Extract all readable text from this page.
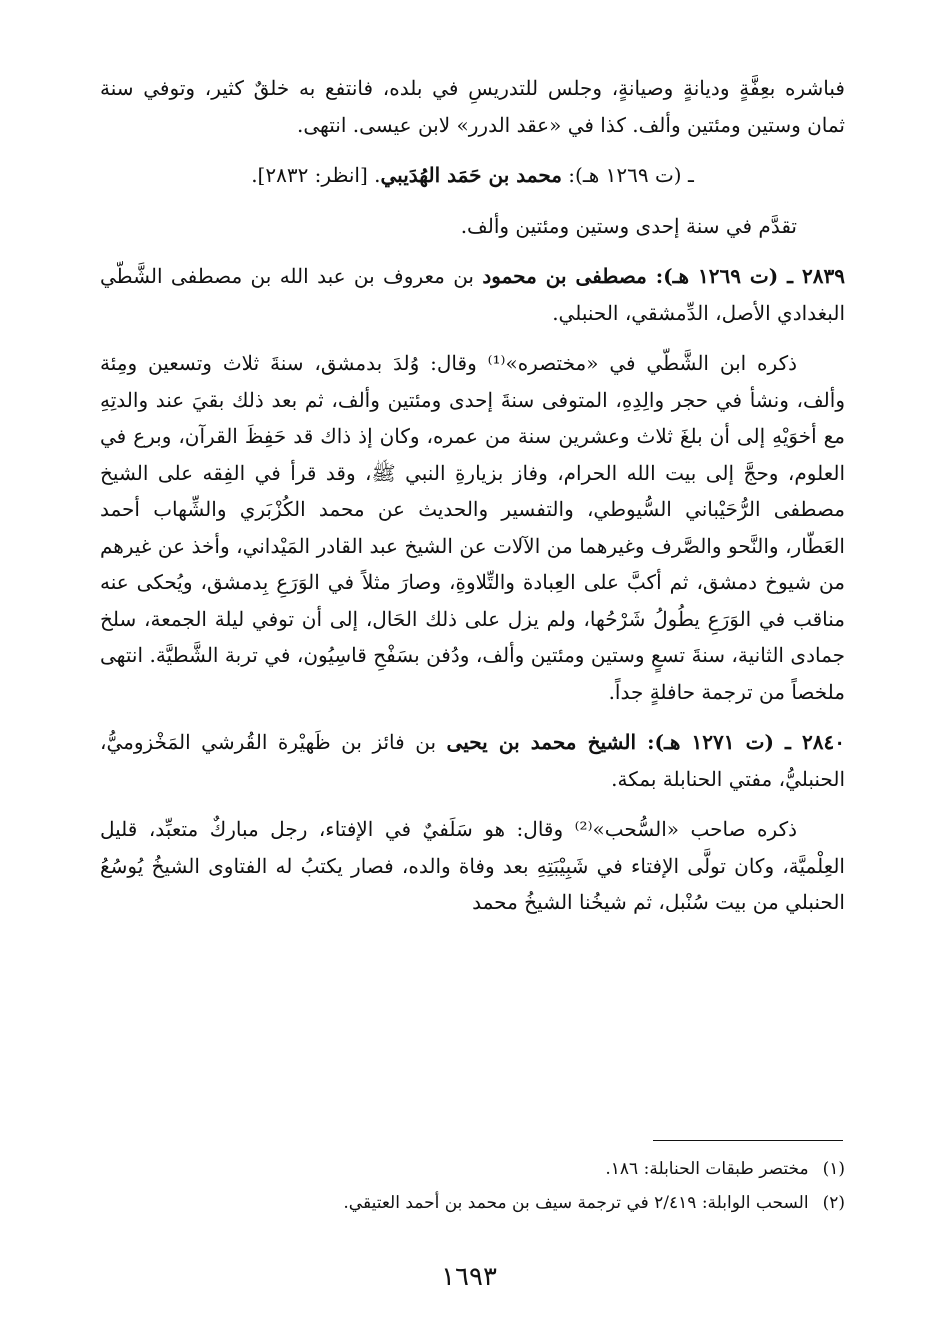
فباشره بعِفَّةٍ وديانةٍ وصيانةٍ، وجلس للتدريسِ في بلده، فانتفع به خلقٌ كثير، وتوفي سنة ثمان وستين ومئتين وألف. كذا في «عقد الدرر» لابن عيسى. انتهى.

ـ (ت ١٢٦٩ هـ): محمد بن حَمَد الهُدَيبي. [انظر: ٢٨٣٢].

تقدَّم في سنة إحدى وستين ومئتين وألف.

٢٨٣٩ ـ (ت ١٢٦٩ هـ): مصطفى بن محمود بن معروف بن عبد الله بن مصطفى الشَّطّي البغدادي الأصل، الدِّمشقي، الحنبلي.

ذكره ابن الشَّطّي في «مختصره»⁽¹⁾ وقال: وُلدَ بدمشق، سنةَ ثلاث وتسعين ومِئة وألف، ونشأ في حجر والِدِهِ، المتوفى سنةَ إحدى ومئتين وألف، ثم بعد ذلك بقيَ عند والدتِهِ مع أخوَيْهِ إلى أن بلغَ ثلاث وعشرين سنة من عمره، وكان إذ ذاك قد حَفِظَ القرآن، وبرع في العلوم، وحجَّ إلى بيت الله الحرام، وفاز بزيارةِ النبي ﷺ، وقد قرأ في الفِقه على الشيخ مصطفى الرُّحَيْباني السُّيوطي، والتفسير والحديث عن محمد الكُزْبَري والشِّهاب أحمد العَطّار، والنَّحو والصَّرف وغيرهما من الآلات عن الشيخ عبد القادر المَيْداني، وأخذ عن غيرهم من شيوخ دمشق، ثم أكبَّ على العِبادة والتِّلاوةِ، وصارَ مثلاً في الوَرَعِ بِدمشق، ويُحكى عنه مناقب في الوَرَعِ يطُولُ شَرْحُها، ولم يزل على ذلك الحَال، إلى أن توفي ليلة الجمعة، سلخ جمادى الثانية، سنةَ تسعٍ وستين ومئتين وألف، ودُفن بسَفْحِ قاسِيُون، في تربة الشَّطيَّة. انتهى ملخصاً من ترجمة حافلةٍ جداً.

٢٨٤٠ ـ (ت ١٢٧١ هـ): الشيخ محمد بن يحيى بن فائز بن ظَهيْرة القُرشي المَخْزوميُّ، الحنبليُّ، مفتي الحنابلة بمكة.

ذكره صاحب «السُّحب»⁽²⁾ وقال: هو سَلَفيٌ في الإفتاء، رجل مباركٌ متعبِّد، قليل العِلْميَّة، وكان تولَّى الإفتاء في شَبِيْبَتِهِ بعد وفاة والده، فصار يكتبُ له الفتاوى الشيخُ يُوسُعُ الحنبلي من بيت سُنْبل، ثم شيخُنا الشيخُ محمد

(١)مختصر طبقات الحنابلة: ١٨٦.

(٢)السحب الوابلة: ٢/٤١٩ في ترجمة سيف بن محمد بن أحمد العتيقي.

١٦٩٣
